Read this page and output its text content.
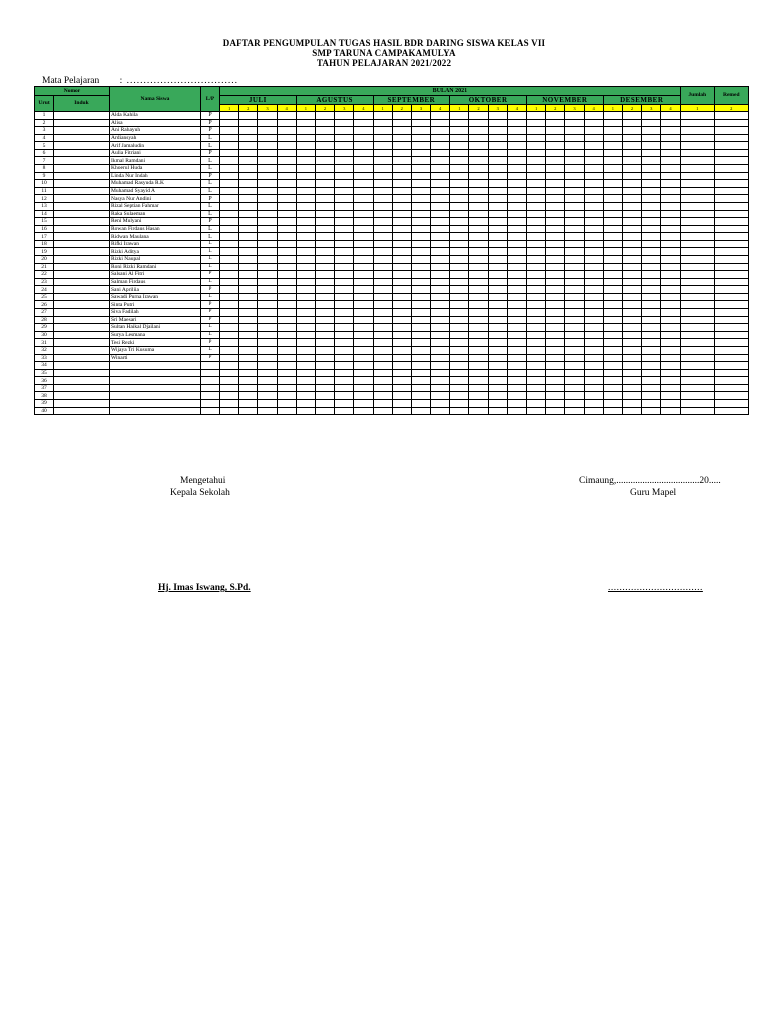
DAFTAR PENGUMPULAN TUGAS HASIL BDR DARING SISWA KELAS VII
SMP TARUNA CAMPAKAMULYA
TAHUN PELAJARAN 2021/2022
Mata Pelajaran : .................................
Nomor		Nama Siswa	L/P	BULAN 2021																								Jumlah	Remed
Urut	Induk			JULI				AGUSTUS				SEPTEMBER				OKTOBER				NOVEMBER				DESEMBER					
				1	2	3	4	1	2	3	4	1	2	3	4	1	2	3	4	1	2	3	4	1	2	3	4	1	2
1		Alda Kahila	P																										
2		Alisa	P																										
3		Ani Rahayuh	P																										
4		Ardiansyah	L																										
5		Arif Jamaludin	L																										
6		Aulia Fitriani	P																										
7		Ikmal Ramdani	L																										
8		Khoerul Huda	L																										
9		Linda Nur Indah	P																										
10		Muhamad Rasyuda R.K	L																										
11		Muhamad Syayid A	L																										
12		Nasya Nur Andini	P																										
13		Rizal Septian Fahmar	L																										
14		Raka Sulaeman	L																										
15		Reni Mulyani	P																										
16		Rowan Firdaus Hasan	L																										
17		Ridwan Maulana	L																										
18		Rifki Irawan	L																										
19		Rizki Aditya	L																										
20		Rizki Naupal	L																										
21		Roni Rizki Ramdani	L																										
22		Salsani Al Fitri	P																										
23		Salman Firdaus	L																										
24		Sani Apriliia	P																										
25		Sawadi Purna Irawan	L																										
26		Sinta Putri	P																										
27		Siva Fadilah	P																										
28		Sri Maesari	P																										
29		Sultan Haikal Djailani	L																										
30		Surya Lesmana	L																										
31		Tesi Rezki	P																										
32		Wijaya Tri Kusuma	L																										
33		Winarti	P																										
34																													
35																													
36																													
37																													
38																													
39																													
40																													
Mengetahui
Kepala Sekolah
Cimaung,...................................20.....
Guru Mapel
Hj. Imas Iswang, S.Pd.	.................................
